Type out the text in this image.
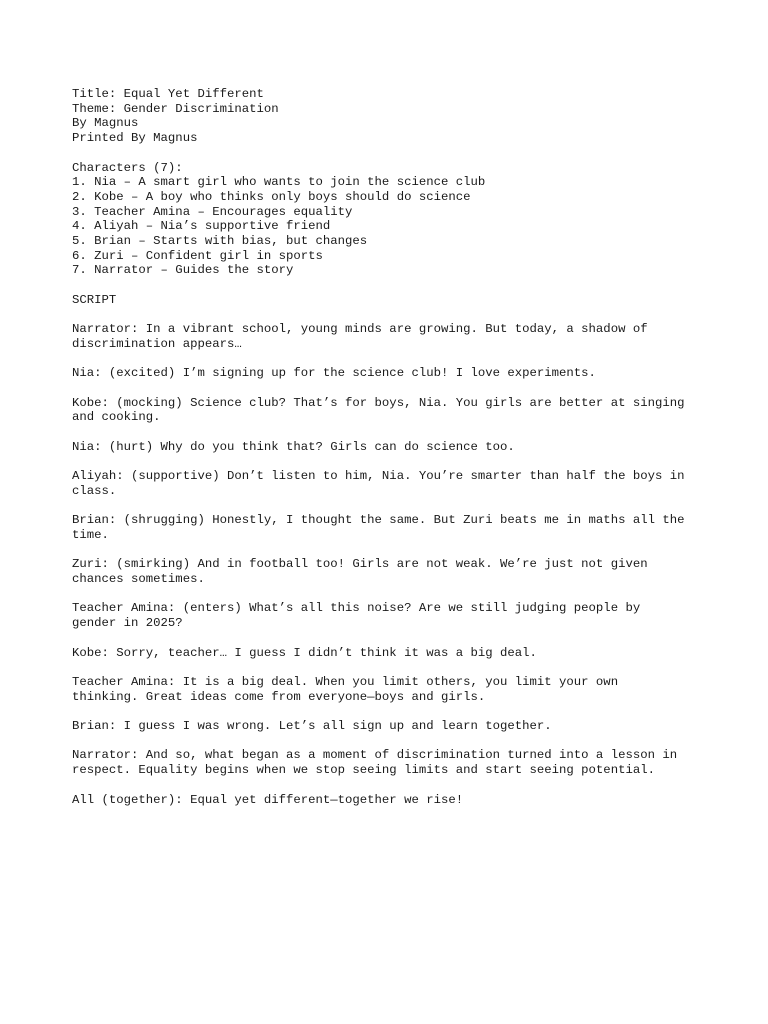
Title: Equal Yet Different
Theme: Gender Discrimination
By Magnus
Printed By Magnus
Characters (7):
1. Nia – A smart girl who wants to join the science club
2. Kobe – A boy who thinks only boys should do science
3. Teacher Amina – Encourages equality
4. Aliyah – Nia’s supportive friend
5. Brian – Starts with bias, but changes
6. Zuri – Confident girl in sports
7. Narrator – Guides the story
SCRIPT
Narrator: In a vibrant school, young minds are growing. But today, a shadow of
discrimination appears…
Nia: (excited) I’m signing up for the science club! I love experiments.
Kobe: (mocking) Science club? That’s for boys, Nia. You girls are better at singing
and cooking.
Nia: (hurt) Why do you think that? Girls can do science too.
Aliyah: (supportive) Don’t listen to him, Nia. You’re smarter than half the boys in
class.
Brian: (shrugging) Honestly, I thought the same. But Zuri beats me in maths all the
time.
Zuri: (smirking) And in football too! Girls are not weak. We’re just not given
chances sometimes.
Teacher Amina: (enters) What’s all this noise? Are we still judging people by
gender in 2025?
Kobe: Sorry, teacher… I guess I didn’t think it was a big deal.
Teacher Amina: It is a big deal. When you limit others, you limit your own
thinking. Great ideas come from everyone—boys and girls.
Brian: I guess I was wrong. Let’s all sign up and learn together.
Narrator: And so, what began as a moment of discrimination turned into a lesson in
respect. Equality begins when we stop seeing limits and start seeing potential.
All (together): Equal yet different—together we rise!
